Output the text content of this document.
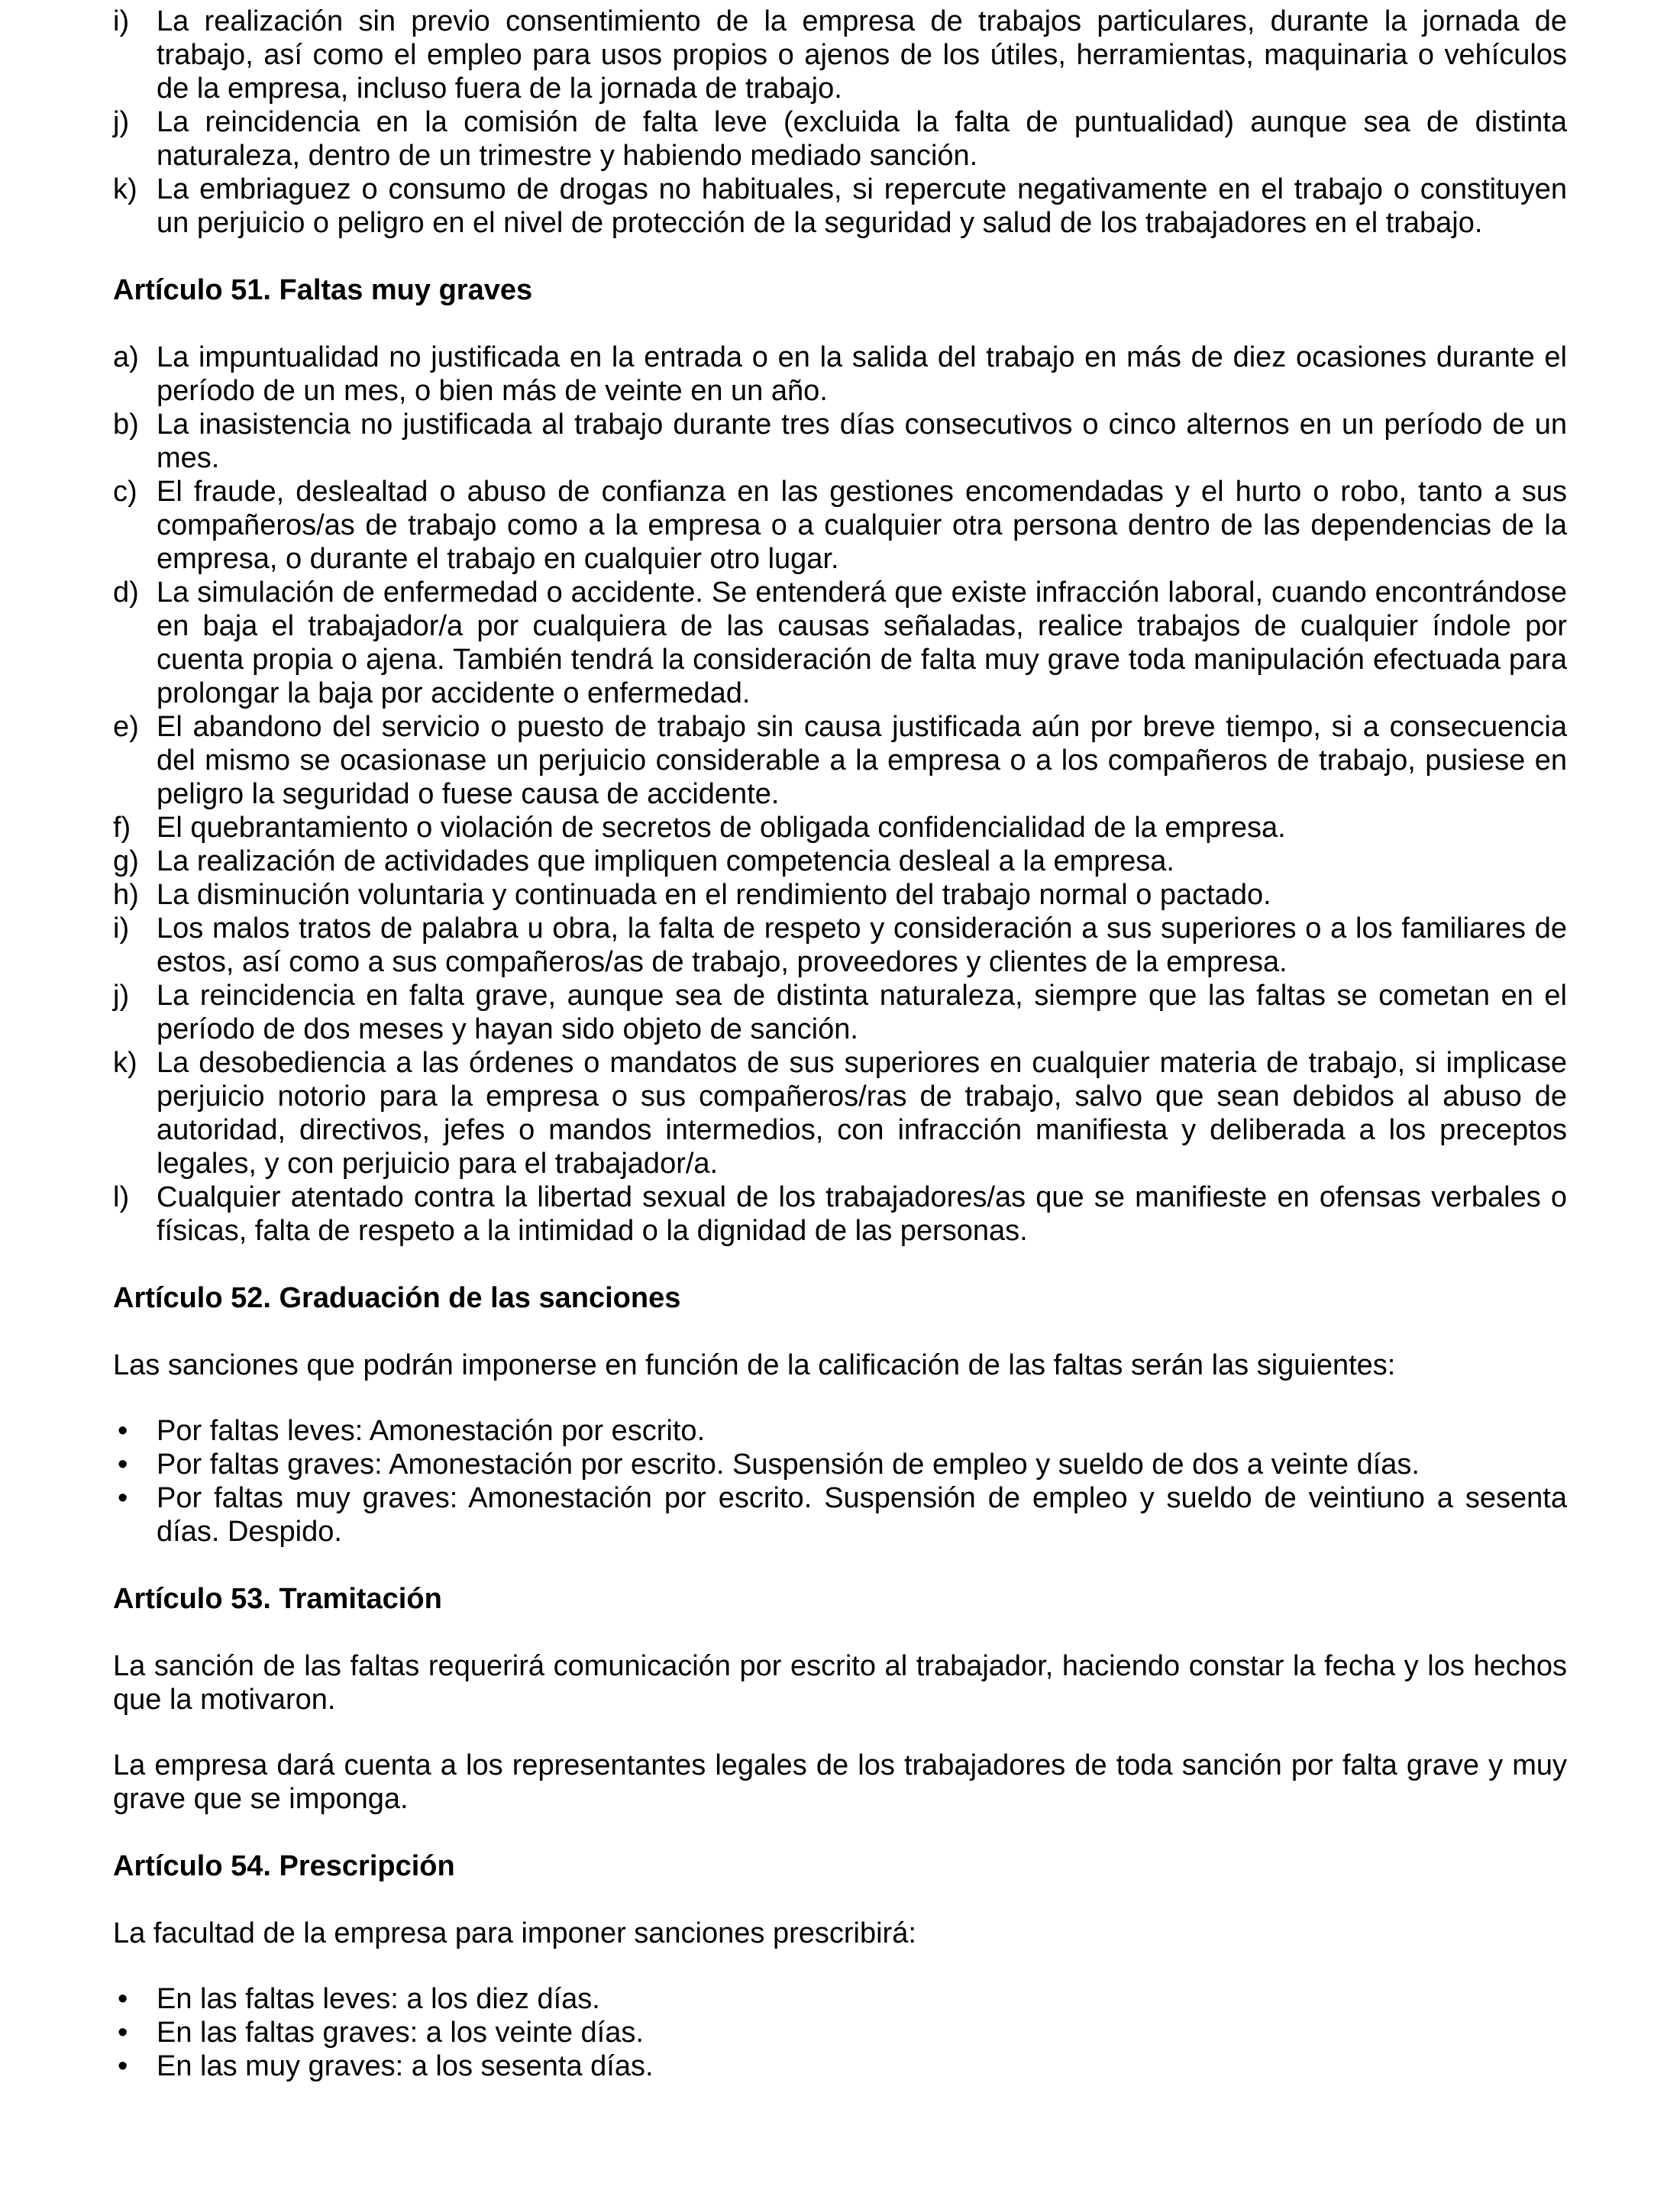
i) La realización sin previo consentimiento de la empresa de trabajos particulares, durante la jornada de trabajo, así como el empleo para usos propios o ajenos de los útiles, herramientas, maquinaria o vehículos de la empresa, incluso fuera de la jornada de trabajo.
j) La reincidencia en la comisión de falta leve (excluida la falta de puntualidad) aunque sea de distinta naturaleza, dentro de un trimestre y habiendo mediado sanción.
k) La embriaguez o consumo de drogas no habituales, si repercute negativamente en el trabajo o constituyen un perjuicio o peligro en el nivel de protección de la seguridad y salud de los trabajadores en el trabajo.
Artículo 51. Faltas muy graves
a) La impuntualidad no justificada en la entrada o en la salida del trabajo en más de diez ocasiones durante el período de un mes, o bien más de veinte en un año.
b) La inasistencia no justificada al trabajo durante tres días consecutivos o cinco alternos en un período de un mes.
c) El fraude, deslealtad o abuso de confianza en las gestiones encomendadas y el hurto o robo, tanto a sus compañeros/as de trabajo como a la empresa o a cualquier otra persona dentro de las dependencias de la empresa, o durante el trabajo en cualquier otro lugar.
d) La simulación de enfermedad o accidente. Se entenderá que existe infracción laboral, cuando encontrándose en baja el trabajador/a por cualquiera de las causas señaladas, realice trabajos de cualquier índole por cuenta propia o ajena. También tendrá la consideración de falta muy grave toda manipulación efectuada para prolongar la baja por accidente o enfermedad.
e) El abandono del servicio o puesto de trabajo sin causa justificada aún por breve tiempo, si a consecuencia del mismo se ocasionase un perjuicio considerable a la empresa o a los compañeros de trabajo, pusiese en peligro la seguridad o fuese causa de accidente.
f) El quebrantamiento o violación de secretos de obligada confidencialidad de la empresa.
g) La realización de actividades que impliquen competencia desleal a la empresa.
h) La disminución voluntaria y continuada en el rendimiento del trabajo normal o pactado.
i) Los malos tratos de palabra u obra, la falta de respeto y consideración a sus superiores o a los familiares de estos, así como a sus compañeros/as de trabajo, proveedores y clientes de la empresa.
j) La reincidencia en falta grave, aunque sea de distinta naturaleza, siempre que las faltas se cometan en el período de dos meses y hayan sido objeto de sanción.
k) La desobediencia a las órdenes o mandatos de sus superiores en cualquier materia de trabajo, si implicase perjuicio notorio para la empresa o sus compañeros/ras de trabajo, salvo que sean debidos al abuso de autoridad, directivos, jefes o mandos intermedios, con infracción manifiesta y deliberada a los preceptos legales, y con perjuicio para el trabajador/a.
l) Cualquier atentado contra la libertad sexual de los trabajadores/as que se manifieste en ofensas verbales o físicas, falta de respeto a la intimidad o la dignidad de las personas.
Artículo 52. Graduación de las sanciones

Las sanciones que podrán imponerse en función de la calificación de las faltas serán las siguientes:

• Por faltas leves: Amonestación por escrito.
• Por faltas graves: Amonestación por escrito. Suspensión de empleo y sueldo de dos a veinte días.
• Por faltas muy graves: Amonestación por escrito. Suspensión de empleo y sueldo de veintiuno a sesenta días. Despido.
Artículo 53. Tramitación

La sanción de las faltas requerirá comunicación por escrito al trabajador, haciendo constar la fecha y los hechos que la motivaron.

La empresa dará cuenta a los representantes legales de los trabajadores de toda sanción por falta grave y muy grave que se imponga.

Artículo 54. Prescripción

La facultad de la empresa para imponer sanciones prescribirá:

• En las faltas leves: a los diez días.
• En las faltas graves: a los veinte días.
• En las muy graves: a los sesenta días.
